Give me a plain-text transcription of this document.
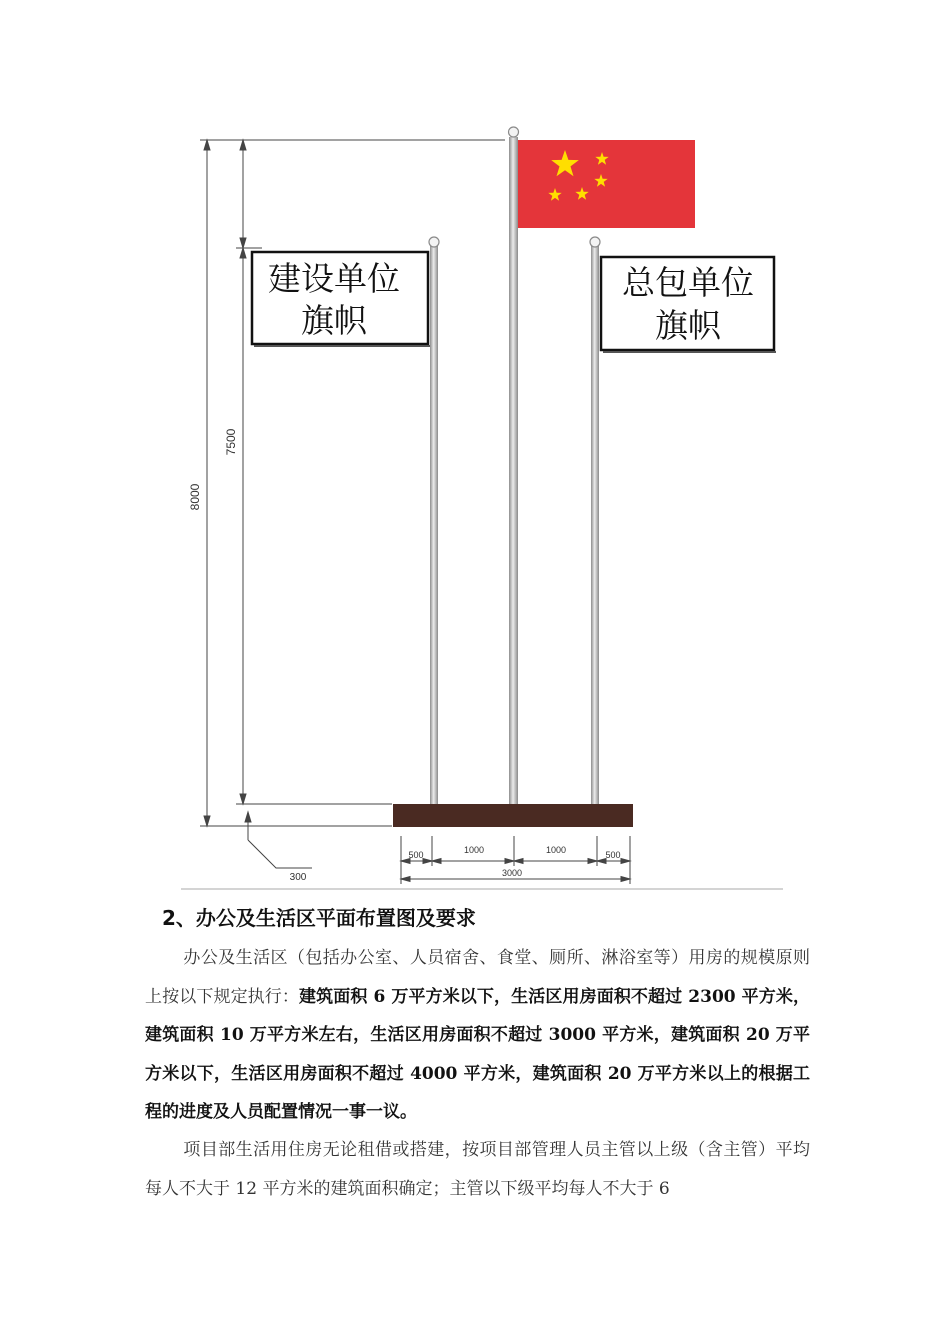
8000
7500
300
建设单位
旗帜
总包单位
旗帜
500	1000	1000	500
3000
2、办公及生活区平面布置图及要求
办公及生活区（包括办公室、人员宿舍、食堂、厕所、淋浴室等）用房的规模原则上按以下规定执行：建筑面积 6 万平方米以下，生活区用房面积不超过 2300 平方米，建筑面积 10 万平方米左右，生活区用房面积不超过 3000 平方米，建筑面积 20 万平方米以下，生活区用房面积不超过 4000 平方米，建筑面积 20 万平方米以上的根据工程的进度及人员配置情况一事一议。
项目部生活用住房无论租借或搭建，按项目部管理人员主管以上级（含主管）平均每人不大于 12 平方米的建筑面积确定；主管以下级平均每人不大于 6
